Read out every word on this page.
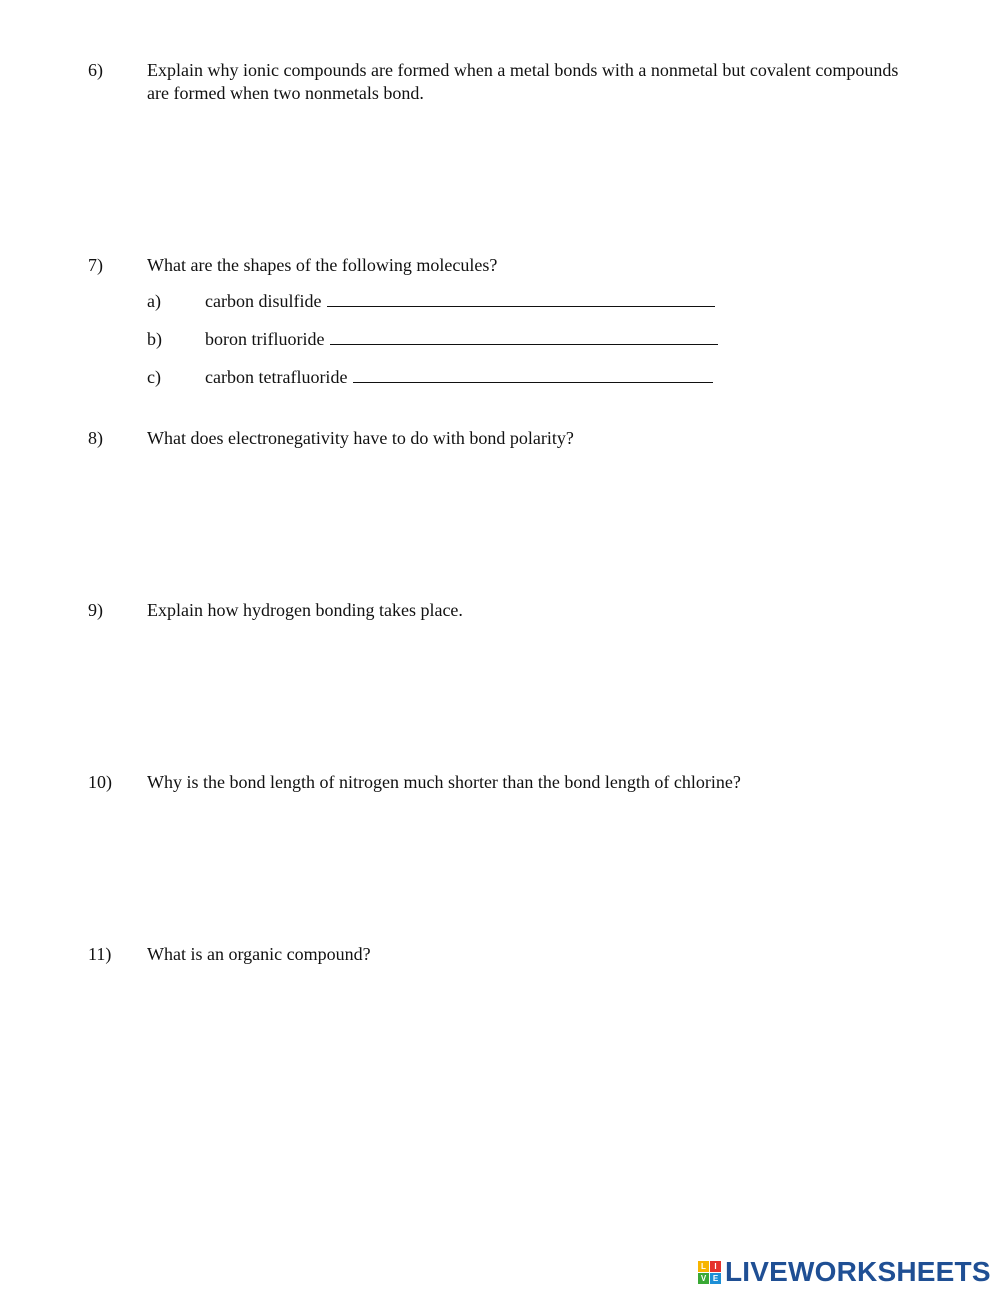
6) Explain why ionic compounds are formed when a metal bonds with a nonmetal but covalent compounds are formed when two nonmetals bond.
7) What are the shapes of the following molecules?
a) carbon disulfide
b) boron trifluoride
c) carbon tetrafluoride
8) What does electronegativity have to do with bond polarity?
9) Explain how hydrogen bonding takes place.
10) Why is the bond length of nitrogen much shorter than the bond length of chlorine?
11) What is an organic compound?
L	I
V E LIVEWORKSHEETS
